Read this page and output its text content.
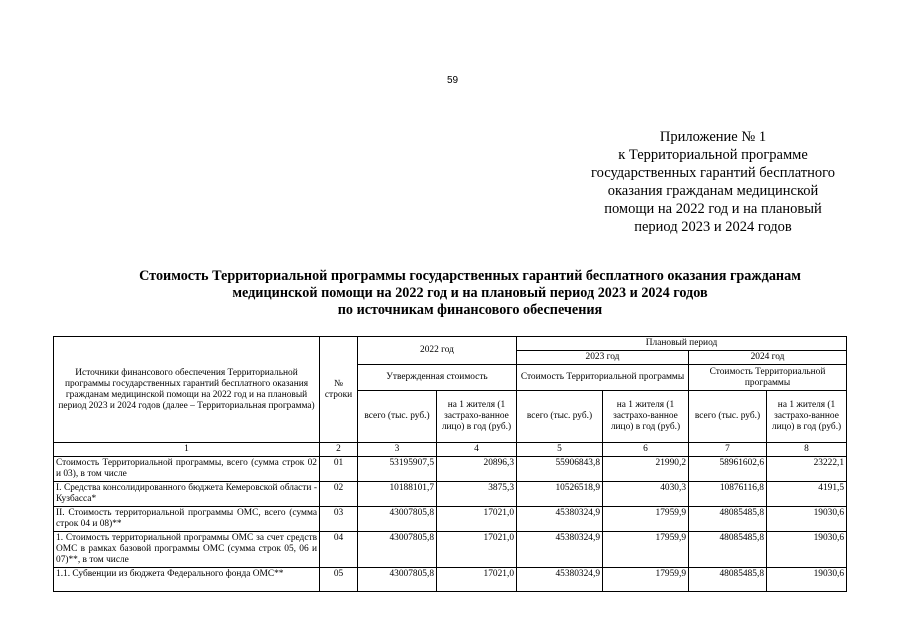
59
Приложение № 1
к Территориальной программе
государственных гарантий бесплатного
оказания гражданам медицинской
помощи на 2022 год и на плановый
период 2023 и 2024 годов
Стоимость Территориальной программы государственных гарантий бесплатного оказания гражданам
медицинской помощи на 2022 год и на плановый период 2023 и 2024 годов
по источникам финансового обеспечения
Источники финансового обеспечения Территориальной программы государственных гарантий бесплатного оказания гражданам медицинской помощи на 2022 год и на плановый период 2023 и 2024 годов (далее – Территориальная программа)	№ строки	2022 год		Плановый период			
				2023 год		2024 год	
		Утвержденная стоимость		Стоимость Территориальной программы		Стоимость Территориальной программы	
		всего (тыс. руб.)	на 1 жителя (1 застрахо-ванное лицо) в год (руб.)	всего (тыс. руб.)	на 1 жителя (1 застрахо-ванное лицо) в год (руб.)	всего (тыс. руб.)	на 1 жителя (1 застрахо-ванное лицо) в год (руб.)
1	2	3	4	5	6	7	8
Стоимость Территориальной программы, всего (сумма строк 02 и 03), в том числе	01	53195907,5	20896,3	55906843,8	21990,2	58961602,6	23222,1
I. Средства консолидированного бюджета Кемеровской области - Кузбасса*	02	10188101,7	3875,3	10526518,9	4030,3	10876116,8	4191,5
II. Стоимость территориальной программы ОМС, всего (сумма строк 04 и 08)**	03	43007805,8	17021,0	45380324,9	17959,9	48085485,8	19030,6
1. Стоимость территориальной программы ОМС за счет средств ОМС в рамках базовой программы ОМС (сумма строк 05, 06 и 07)**, в том числе	04	43007805,8	17021,0	45380324,9	17959,9	48085485,8	19030,6
1.1. Субвенции из бюджета Федерального фонда ОМС**	05	43007805,8	17021,0	45380324,9	17959,9	48085485,8	19030,6
